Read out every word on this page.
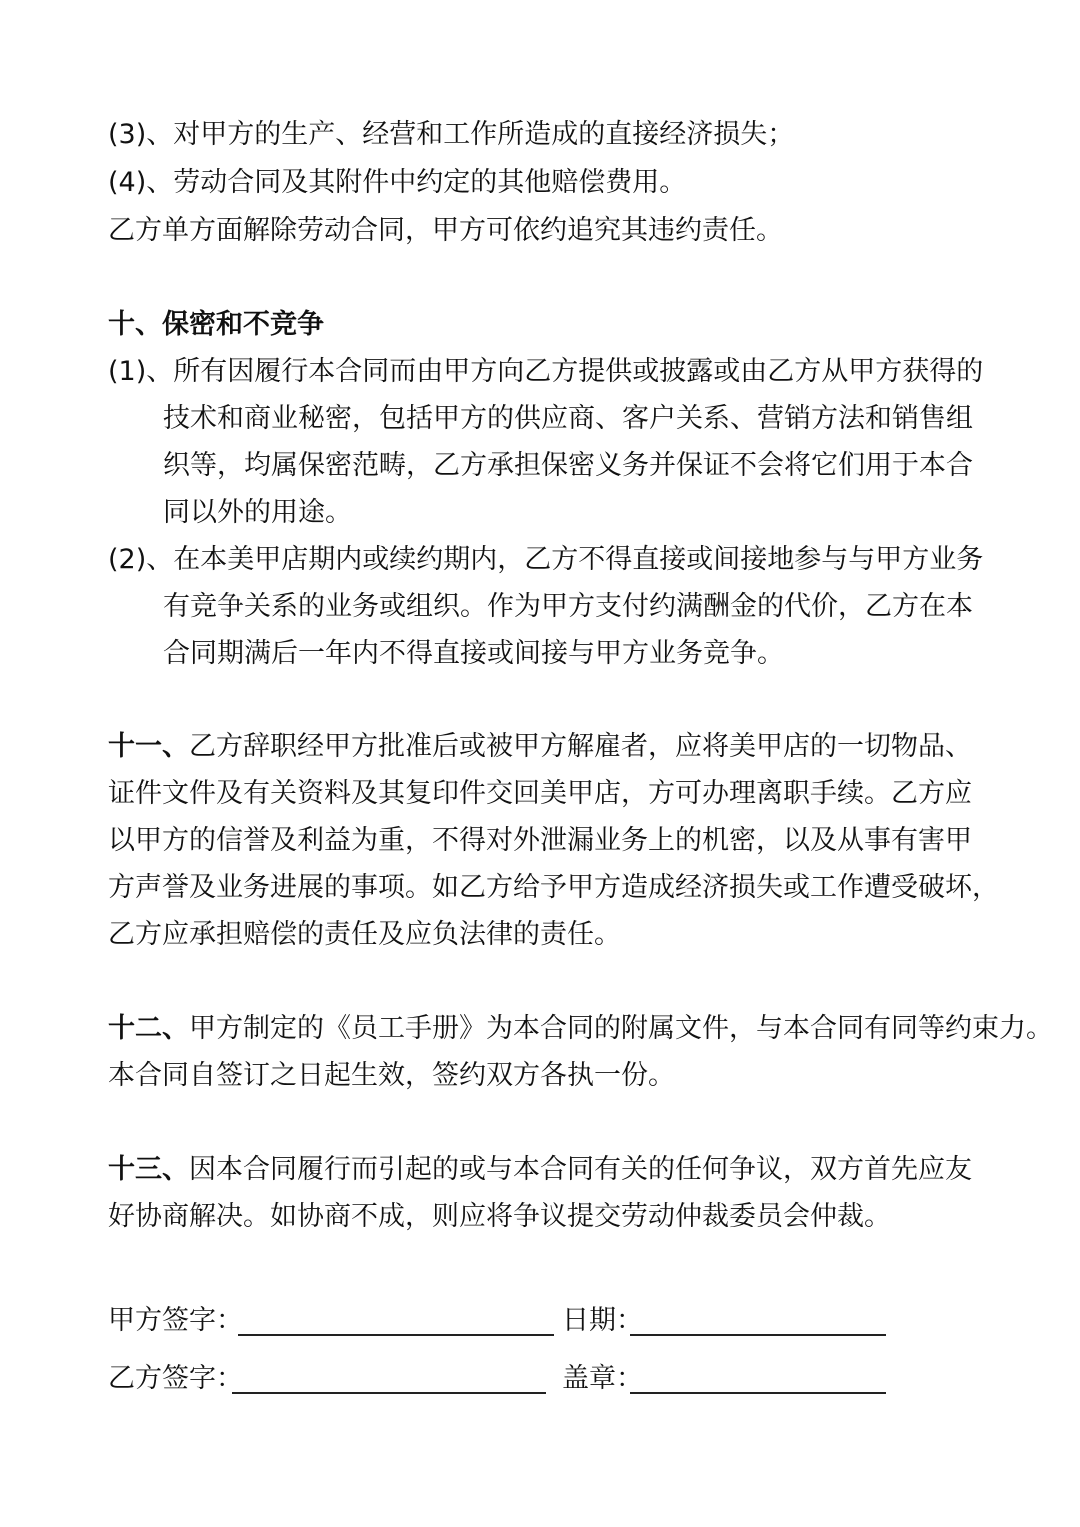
(3)、对甲方的生产、经营和工作所造成的直接经济损失；
(4)、劳动合同及其附件中约定的其他赔偿费用。
乙方单方面解除劳动合同，甲方可依约追究其违约责任。
十、保密和不竞争
(1)、所有因履行本合同而由甲方向乙方提供或披露或由乙方从甲方获得的
技术和商业秘密，包括甲方的供应商、客户关系、营销方法和销售组
织等，均属保密范畴，乙方承担保密义务并保证不会将它们用于本合
同以外的用途。
(2)、在本美甲店期内或续约期内，乙方不得直接或间接地参与与甲方业务
有竞争关系的业务或组织。作为甲方支付约满酬金的代价，乙方在本
合同期满后一年内不得直接或间接与甲方业务竞争。
十一、乙方辞职经甲方批准后或被甲方解雇者，应将美甲店的一切物品、
证件文件及有关资料及其复印件交回美甲店，方可办理离职手续。乙方应
以甲方的信誉及利益为重，不得对外泄漏业务上的机密，以及从事有害甲
方声誉及业务进展的事项。如乙方给予甲方造成经济损失或工作遭受破坏，
乙方应承担赔偿的责任及应负法律的责任。
十二、甲方制定的《员工手册》为本合同的附属文件，与本合同有同等约束力。
本合同自签订之日起生效，签约双方各执一份。
十三、因本合同履行而引起的或与本合同有关的任何争议，双方首先应友
好协商解决。如协商不成，则应将争议提交劳动仲裁委员会仲裁。
甲方签字：	日期：
乙方签字：	盖章：
